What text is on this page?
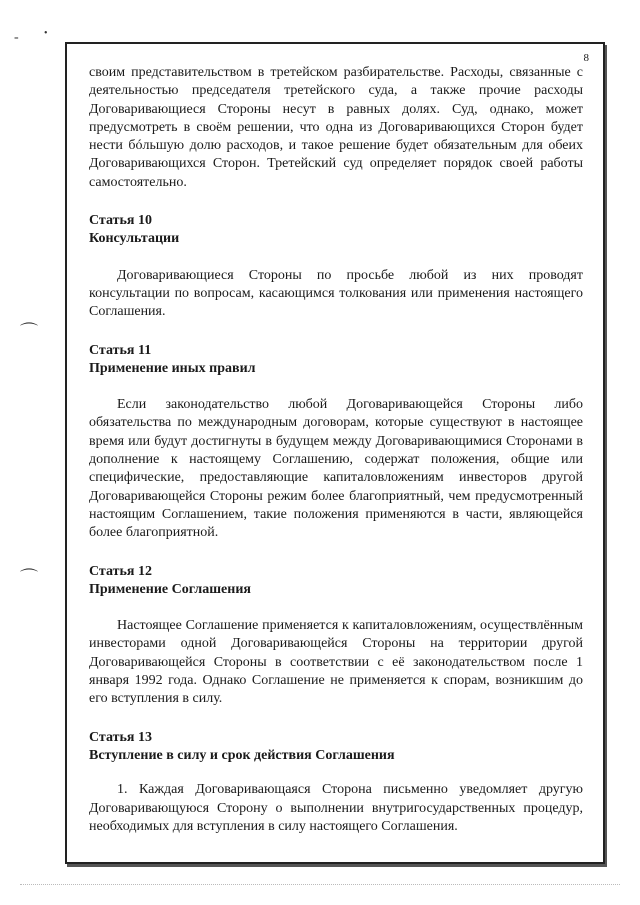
-	•
⌒
⌒
8

своим представительством в третейском разбирательстве. Расходы, связанные с деятельностью председателя третейского суда, а также прочие расходы Договаривающиеся Стороны несут в равных долях. Суд, однако, может предусмотреть в своём решении, что одна из Договаривающихся Сторон будет нести бóльшую долю расходов, и такое решение будет обязательным для обеих Договаривающихся Сторон. Третейский суд определяет порядок своей работы самостоятельно.

Статья 10

Консультации

Договаривающиеся Стороны по просьбе любой из них проводят консультации по вопросам, касающимся толкования или применения настоящего Соглашения.

Статья 11

Применение иных правил

Если законодательство любой Договаривающейся Стороны либо обязательства по международным договорам, которые существуют в настоящее время или будут достигнуты в будущем между Договаривающимися Сторонами в дополнение к настоящему Соглашению, содержат положения, общие или специфические, предоставляющие капиталовложениям инвесторов другой Договаривающейся Стороны режим более благоприятный, чем предусмотренный настоящим Соглашением, такие положения применяются в части, являющейся более благоприятной.

Статья 12

Применение Соглашения

Настоящее Соглашение применяется к капиталовложениям, осуществлённым инвесторами одной Договаривающейся Стороны на территории другой Договаривающейся Стороны в соответствии с её законодательством после 1 января 1992 года. Однако Соглашение не применяется к спорам, возникшим до его вступления в силу.

Статья 13

Вступление в силу и срок действия Соглашения

1. Каждая Договаривающаяся Сторона письменно уведомляет другую Договаривающуюся Сторону о выполнении внутригосударственных процедур, необходимых для вступления в силу настоящего Соглашения.
